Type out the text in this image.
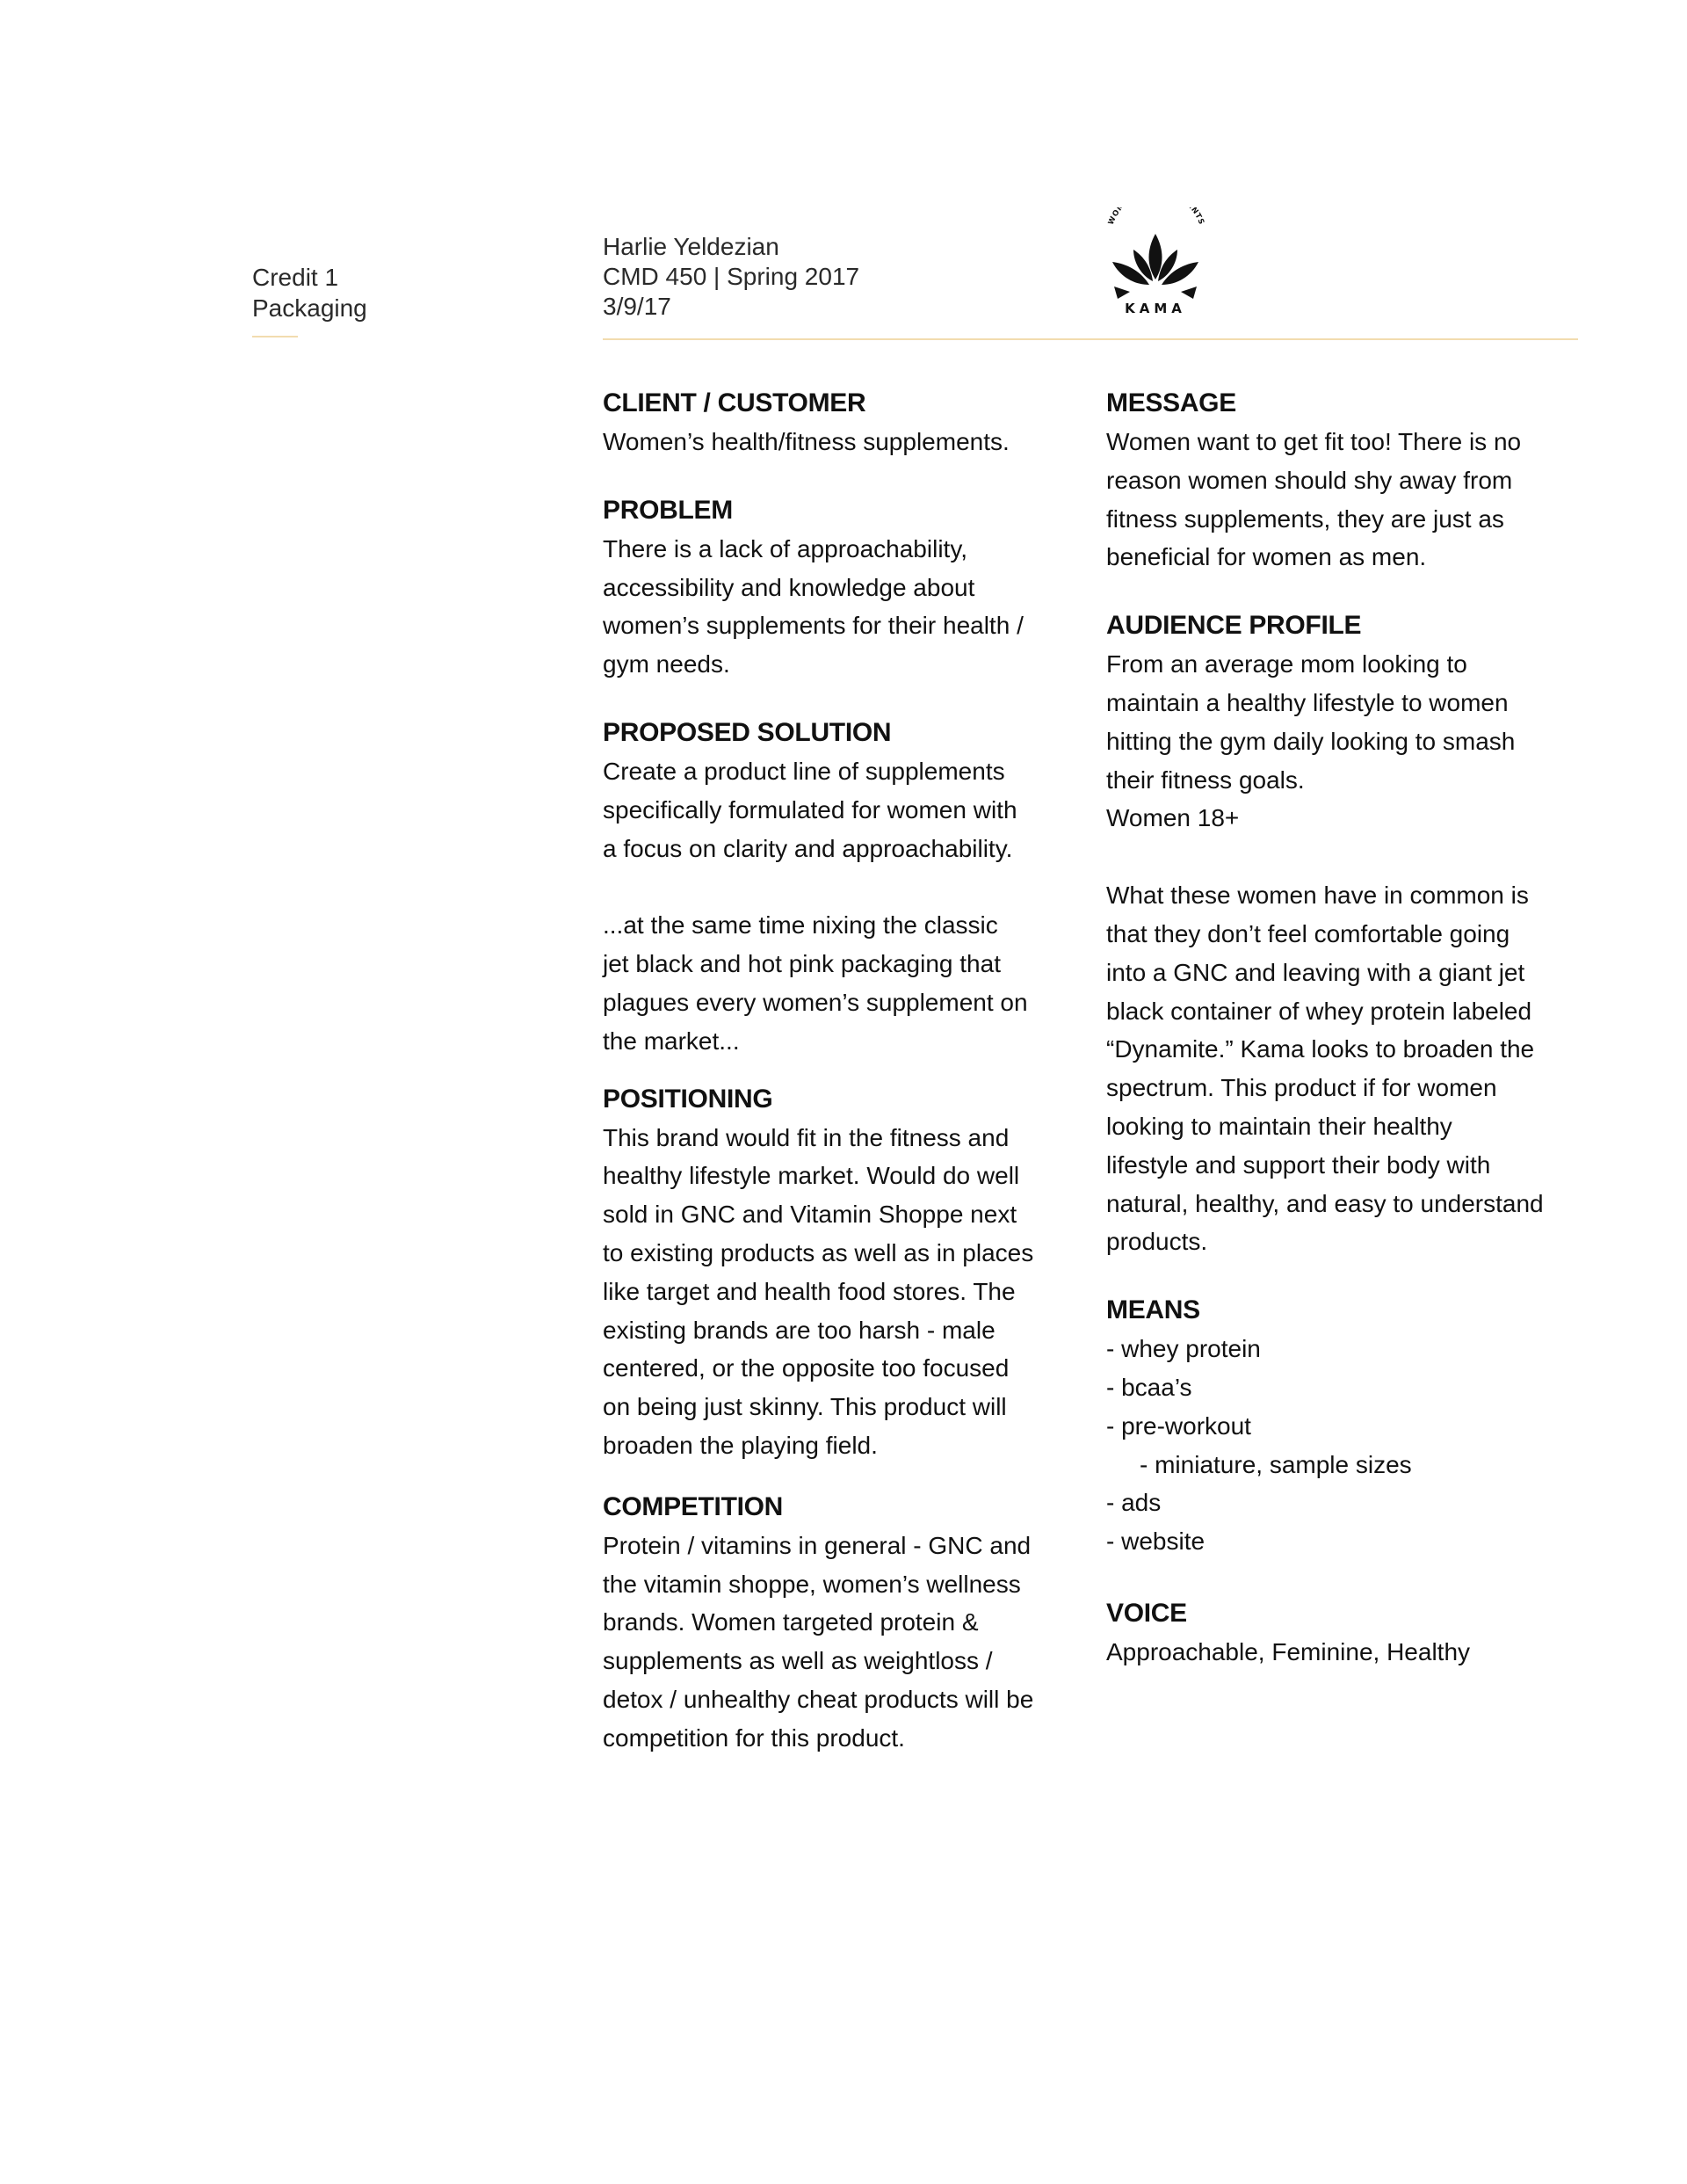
Credit 1
Packaging
Harlie Yeldezian
CMD 450 | Spring 2017
3/9/17
WO NTS
KAMA
CLIENT / CUSTOMER
Women’s health/fitness supplements.
PROBLEM
There is a lack of approachability,
accessibility and knowledge about
women’s supplements for their health /
gym needs.
PROPOSED SOLUTION
Create a product line of supplements
specifically formulated for women with
a focus on clarity and approachability.
...at the same time nixing the classic
jet black and hot pink packaging that
plagues every women’s supplement on
the market...
POSITIONING
This brand would fit in the fitness and
healthy lifestyle market. Would do well
sold in GNC and Vitamin Shoppe next
to existing products as well as in places
like target and health food stores. The
existing brands are too harsh - male
centered, or the opposite too focused
on being just skinny. This product will
broaden the playing field.
COMPETITION
Protein / vitamins in general - GNC and
the vitamin shoppe, women’s wellness
brands. Women targeted protein &
supplements as well as weightloss /
detox / unhealthy cheat products will be
competition for this product.
MESSAGE
Women want to get fit too! There is no
reason women should shy away from
fitness supplements, they are just as
beneficial for women as men.
AUDIENCE PROFILE
From an average mom looking to
maintain a healthy lifestyle to women
hitting the gym daily looking to smash
their fitness goals.
Women 18+
What these women have in common is
that they don’t feel comfortable going
into a GNC and leaving with a giant jet
black container of whey protein labeled
“Dynamite.” Kama looks to broaden the
spectrum. This product if for women
looking to maintain their healthy
lifestyle and support their body with
natural, healthy, and easy to understand
products.
MEANS
- whey protein
- bcaa’s
- pre-workout
- miniature, sample sizes
- ads
- website
VOICE
Approachable, Feminine, Healthy
